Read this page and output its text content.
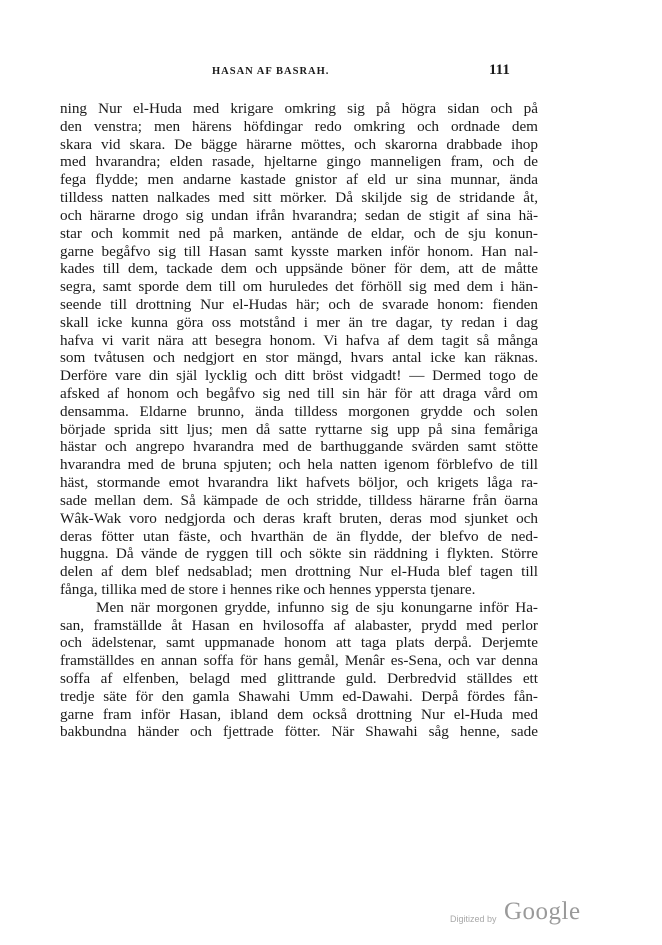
HASAN AF BASRAH.	111
ning Nur el-Huda med krigare omkring sig på högra sidan och på
den venstra; men härens höfdingar redo omkring och ordnade dem
skara vid skara. De bägge härarne möttes, och skarorna drabbade ihop
med hvarandra; elden rasade, hjeltarne gingo manneligen fram, och de
fega flydde; men andarne kastade gnistor af eld ur sina munnar, ända
tilldess natten nalkades med sitt mörker. Då skiljde sig de stridande åt,
och härarne drogo sig undan ifrån hvarandra; sedan de stigit af sina hä-
star och kommit ned på marken, antände de eldar, och de sju konun-
garne begåfvo sig till Hasan samt kysste marken inför honom. Han nal-
kades till dem, tackade dem och uppsände böner för dem, att de måtte
segra, samt sporde dem till om huruledes det förhöll sig med dem i hän-
seende till drottning Nur el-Hudas här; och de svarade honom: fienden
skall icke kunna göra oss motstånd i mer än tre dagar, ty redan i dag
hafva vi varit nära att besegra honom. Vi hafva af dem tagit så många
som tvåtusen och nedgjort en stor mängd, hvars antal icke kan räknas.
Derföre vare din själ lycklig och ditt bröst vidgadt! — Dermed togo de
afsked af honom och begåfvo sig ned till sin här för att draga vård om
densamma. Eldarne brunno, ända tilldess morgonen grydde och solen
började sprida sitt ljus; men då satte ryttarne sig upp på sina femåriga
hästar och angrepo hvarandra med de barthuggande svärden samt stötte
hvarandra med de bruna spjuten; och hela natten igenom förblefvo de till
häst, stormande emot hvarandra likt hafvets böljor, och krigets låga ra-
sade mellan dem. Så kämpade de och stridde, tilldess härarne från öarna
Wâk-Wak voro nedgjorda och deras kraft bruten, deras mod sjunket och
deras fötter utan fäste, och hvarthän de än flydde, der blefvo de ned-
huggna. Då vände de ryggen till och sökte sin räddning i flykten. Större
delen af dem blef nedsablad; men drottning Nur el-Huda blef tagen till
fånga, tillika med de store i hennes rike och hennes yppersta tjenare.
Men när morgonen grydde, infunno sig de sju konungarne inför Ha-
san, framställde åt Hasan en hvilosoffa af alabaster, prydd med perlor
och ädelstenar, samt uppmanade honom att taga plats derpå. Derjemte
framställdes en annan soffa för hans gemål, Menâr es-Sena, och var denna
soffa af elfenben, belagd med glittrande guld. Derbredvid ställdes ett
tredje säte för den gamla Shawahi Umm ed-Dawahi. Derpå fördes fån-
garne fram inför Hasan, ibland dem också drottning Nur el-Huda med
bakbundna händer och fjettrade fötter. När Shawahi såg henne, sade
Digitized by Google
